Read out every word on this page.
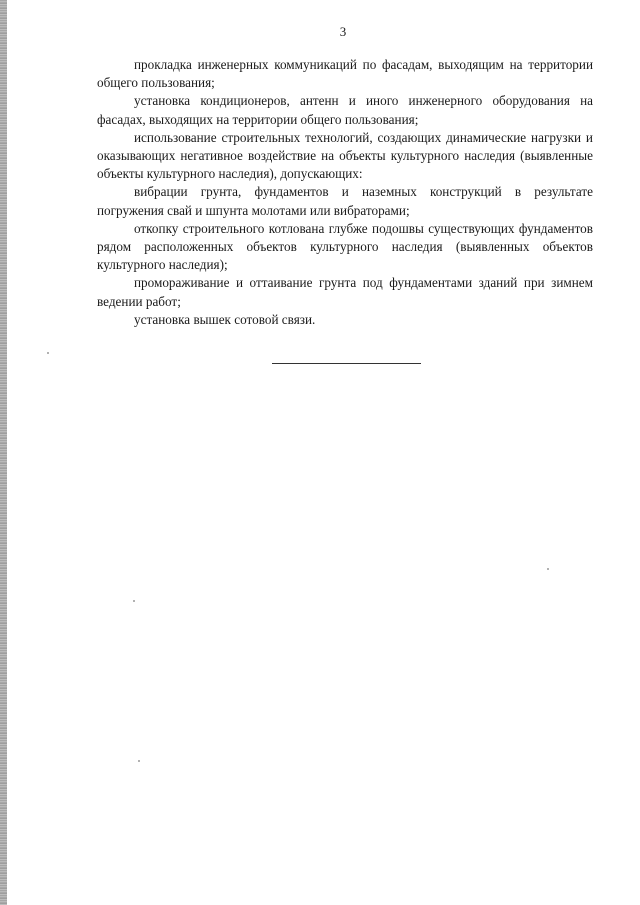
3

прокладка инженерных коммуникаций по фасадам, выходящим на территории общего пользования;

установка кондиционеров, антенн и иного инженерного оборудования на фасадах, выходящих на территории общего пользования;

использование строительных технологий, создающих динамические нагрузки и оказывающих негативное воздействие на объекты культурного наследия (выявленные объекты культурного наследия), допускающих:

вибрации грунта, фундаментов и наземных конструкций в результате погружения свай и шпунта молотами или вибраторами;

откопку строительного котлована глубже подошвы существующих фундаментов рядом расположенных объектов культурного наследия (выявленных объектов культурного наследия);

промораживание и оттаивание грунта под фундаментами зданий при зимнем ведении работ;

установка вышек сотовой связи.
